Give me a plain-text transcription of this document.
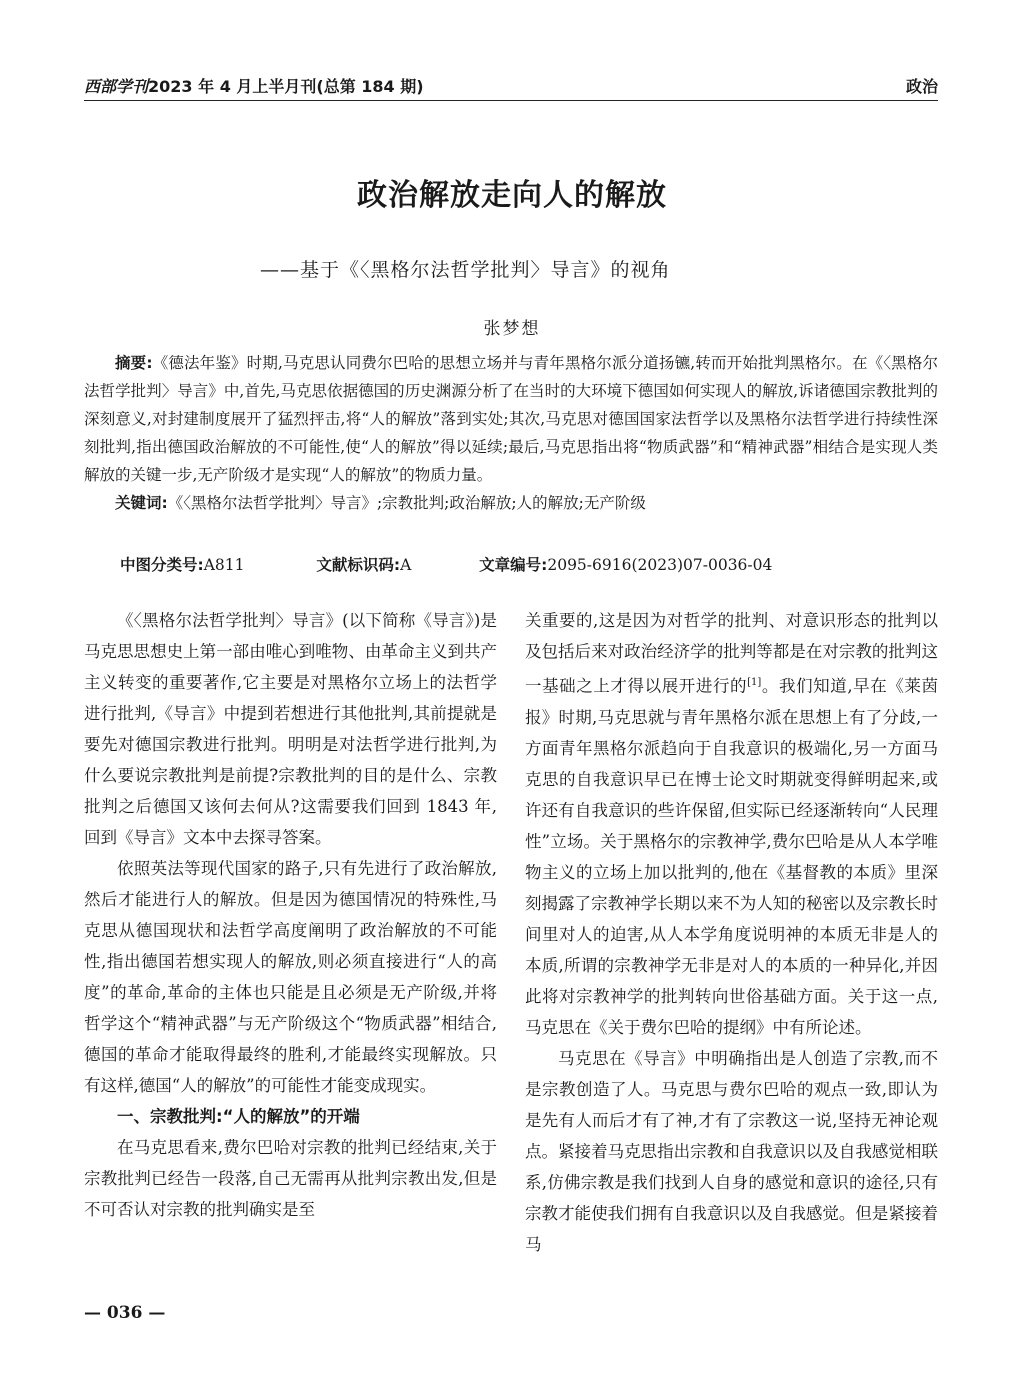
西部学刊2023 年 4 月上半月刊(总第 184 期)	政治
政治解放走向人的解放
——基于《〈黑格尔法哲学批判〉导言》的视角
张梦想

摘要:《德法年鉴》时期,马克思认同费尔巴哈的思想立场并与青年黑格尔派分道扬镳,转而开始批判黑格尔。在《〈黑格尔法哲学批判〉导言》中,首先,马克思依据德国的历史渊源分析了在当时的大环境下德国如何实现人的解放,诉诸德国宗教批判的深刻意义,对封建制度展开了猛烈抨击,将“人的解放”落到实处;其次,马克思对德国国家法哲学以及黑格尔法哲学进行持续性深刻批判,指出德国政治解放的不可能性,使“人的解放”得以延续;最后,马克思指出将“物质武器”和“精神武器”相结合是实现人类解放的关键一步,无产阶级才是实现“人的解放”的物质力量。

关键词:《〈黑格尔法哲学批判〉导言》;宗教批判;政治解放;人的解放;无产阶级

中图分类号:A811	文献标识码:A	文章编号:2095-6916(2023)07-0036-04

《〈黑格尔法哲学批判〉导言》(以下简称《导言》)是马克思思想史上第一部由唯心到唯物、由革命主义到共产主义转变的重要著作,它主要是对黑格尔立场上的法哲学进行批判,《导言》中提到若想进行其他批判,其前提就是要先对德国宗教进行批判。明明是对法哲学进行批判,为什么要说宗教批判是前提?宗教批判的目的是什么、宗教批判之后德国又该何去何从?这需要我们回到 1843 年,回到《导言》文本中去探寻答案。

依照英法等现代国家的路子,只有先进行了政治解放,然后才能进行人的解放。但是因为德国情况的特殊性,马克思从德国现状和法哲学高度阐明了政治解放的不可能性,指出德国若想实现人的解放,则必须直接进行“人的高度”的革命,革命的主体也只能是且必须是无产阶级,并将哲学这个“精神武器”与无产阶级这个“物质武器”相结合,德国的革命才能取得最终的胜利,才能最终实现解放。只有这样,德国“人的解放”的可能性才能变成现实。

一、宗教批判:“人的解放”的开端

在马克思看来,费尔巴哈对宗教的批判已经结束,关于宗教批判已经告一段落,自己无需再从批判宗教出发,但是不可否认对宗教的批判确实是至

关重要的,这是因为对哲学的批判、对意识形态的批判以及包括后来对政治经济学的批判等都是在对宗教的批判这一基础之上才得以展开进行的[1]。我们知道,早在《莱茵报》时期,马克思就与青年黑格尔派在思想上有了分歧,一方面青年黑格尔派趋向于自我意识的极端化,另一方面马克思的自我意识早已在博士论文时期就变得鲜明起来,或许还有自我意识的些许保留,但实际已经逐渐转向“人民理性”立场。关于黑格尔的宗教神学,费尔巴哈是从人本学唯物主义的立场上加以批判的,他在《基督教的本质》里深刻揭露了宗教神学长期以来不为人知的秘密以及宗教长时间里对人的迫害,从人本学角度说明神的本质无非是人的本质,所谓的宗教神学无非是对人的本质的一种异化,并因此将对宗教神学的批判转向世俗基础方面。关于这一点,马克思在《关于费尔巴哈的提纲》中有所论述。

马克思在《导言》中明确指出是人创造了宗教,而不是宗教创造了人。马克思与费尔巴哈的观点一致,即认为是先有人而后才有了神,才有了宗教这一说,坚持无神论观点。紧接着马克思指出宗教和自我意识以及自我感觉相联系,仿佛宗教是我们找到人自身的感觉和意识的途径,只有宗教才能使我们拥有自我意识以及自我感觉。但是紧接着马

— 036 —
